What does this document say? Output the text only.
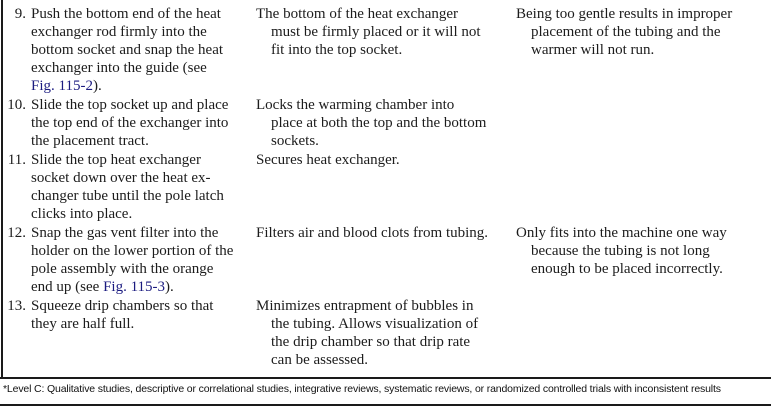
9. Push the bottom end of the heat
exchanger rod firmly into the
bottom socket and snap the heat
exchanger into the guide (see
Fig. 115-2).
The bottom of the heat exchanger
must be firmly placed or it will not
fit into the top socket.
Being too gentle results in improper
placement of the tubing and the
warmer will not run.
10. Slide the top socket up and place
the top end of the exchanger into
the placement tract.
Locks the warming chamber into
place at both the top and the bottom
sockets.
11. Slide the top heat exchanger
socket down over the heat ex-
changer tube until the pole latch
clicks into place.
Secures heat exchanger.
12. Snap the gas vent filter into the
holder on the lower portion of the
pole assembly with the orange
end up (see Fig. 115-3).
Filters air and blood clots from tubing.	Only fits into the machine one way
because the tubing is not long
enough to be placed incorrectly.
13. Squeeze drip chambers so that
they are half full.
Minimizes entrapment of bubbles in
the tubing. Allows visualization of
the drip chamber so that drip rate
can be assessed.
*Level C: Qualitative studies, descriptive or correlational studies, integrative reviews, systematic reviews, or randomized controlled trials with inconsistent results
